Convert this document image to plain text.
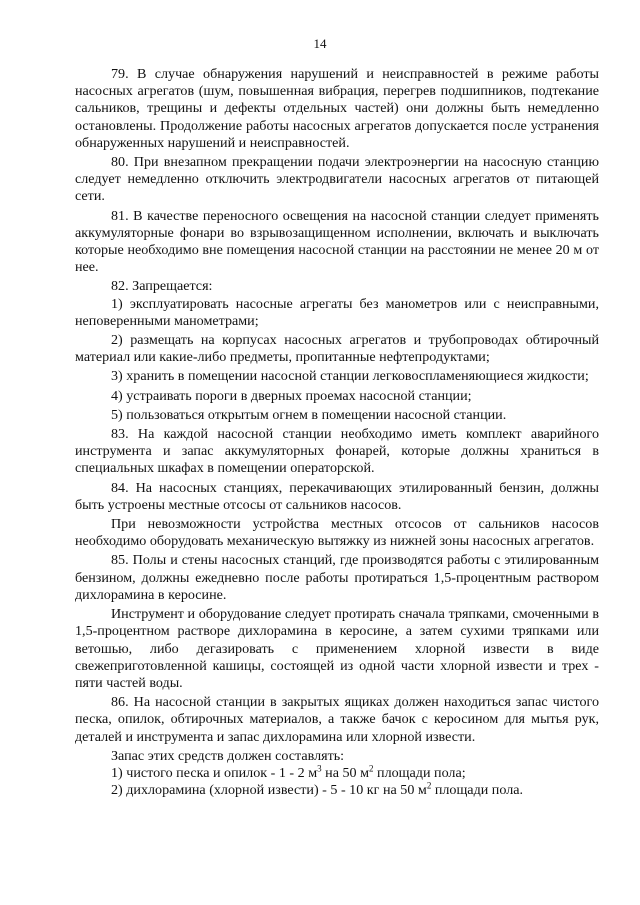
14

79. В случае обнаружения нарушений и неисправностей в режиме работы насосных агрегатов (шум, повышенная вибрация, перегрев подшипников, подтекание сальников, трещины и дефекты отдельных частей) они должны быть немедленно остановлены. Продолжение работы насосных агрегатов допускается после устранения обнаруженных нарушений и неисправностей.

80. При внезапном прекращении подачи электроэнергии на насосную станцию следует немедленно отключить электродвигатели насосных агрегатов от питающей сети.

81. В качестве переносного освещения на насосной станции следует применять аккумуляторные фонари во взрывозащищенном исполнении, включать и выключать которые необходимо вне помещения насосной станции на расстоянии не менее 20 м от нее.

82. Запрещается:

1) эксплуатировать насосные агрегаты без манометров или с неисправными, неповеренными манометрами;

2) размещать на корпусах насосных агрегатов и трубопроводах обтирочный материал или какие-либо предметы, пропитанные нефтепродуктами;

3) хранить в помещении насосной станции легковоспламеняющиеся жидкости;

4) устраивать пороги в дверных проемах насосной станции;

5) пользоваться открытым огнем в помещении насосной станции.

83. На каждой насосной станции необходимо иметь комплект аварийного инструмента и запас аккумуляторных фонарей, которые должны храниться в специальных шкафах в помещении операторской.

84. На насосных станциях, перекачивающих этилированный бензин, должны быть устроены местные отсосы от сальников насосов.

При невозможности устройства местных отсосов от сальников насосов необходимо оборудовать механическую вытяжку из нижней зоны насосных агрегатов.

85. Полы и стены насосных станций, где производятся работы с этилированным бензином, должны ежедневно после работы протираться 1,5-процентным раствором дихлорамина в керосине.

Инструмент и оборудование следует протирать сначала тряпками, смоченными в 1,5-процентном растворе дихлорамина в керосине, а затем сухими тряпками или ветошью, либо дегазировать с применением хлорной извести в виде свежеприготовленной кашицы, состоящей из одной части хлорной извести и трех - пяти частей воды.

86. На насосной станции в закрытых ящиках должен находиться запас чистого песка, опилок, обтирочных материалов, а также бачок с керосином для мытья рук, деталей и инструмента и запас дихлорамина или хлорной извести.

Запас этих средств должен составлять:

1) чистого песка и опилок - 1 - 2 $м^3$ на 50 $м^2$ площади пола;

2) дихлорамина (хлорной извести) - 5 - 10 кг на 50 $м^2$ площади пола.
